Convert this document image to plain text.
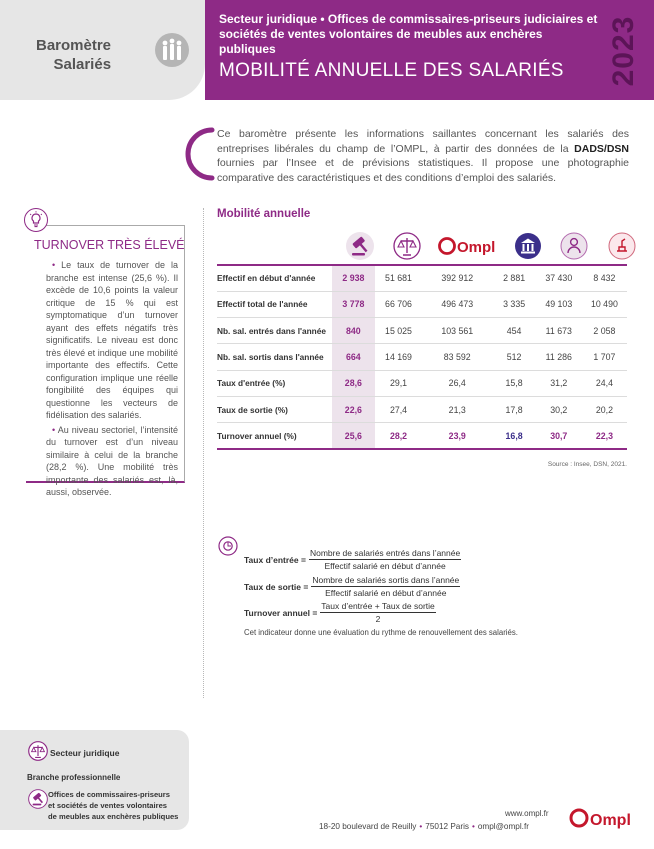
Baromètre
Salariés
Secteur juridique • Offices de commissaires-priseurs judiciaires et sociétés de ventes volontaires de meubles aux enchères publiques
MOBILITÉ ANNUELLE DES SALARIÉS 2023
Ce baromètre présente les informations saillantes concernant les salariés des entreprises libérales du champ de l’OMPL, à partir des données de la DADS/DSN fournies par l’Insee et de prévisions statistiques. Il propose une photographie comparative des caractéristiques et des conditions d’emploi des salariés.
TURNOVER TRÈS ÉLEVÉ

• Le taux de turnover de la branche est intense (25,6 %). Il excède de 10,6 points la valeur critique de 15 % qui est symptomatique d’un turnover ayant des effets négatifs très significatifs. Le niveau est donc très élevé et indique une mobilité importante des effectifs. Cette configuration implique une réelle fongibilité des équipes qui questionne les vecteurs de fidélisation des salariés.

• Au niveau sectoriel, l’intensité du turnover est d’un niveau similaire à celui de la branche (28,2 %). Une mobilité très importante des salariés est, là, aussi, observée.

Mobilité annuelle
Ompl
Effectif en début d'année	2 938	51 681	392 912	2 881	37 430	8 432
Effectif total de l'année	3 778	66 706	496 473	3 335	49 103	10 490
Nb. sal. entrés dans l'année	840	15 025	103 561	454	11 673	2 058
Nb. sal. sortis dans l'année	664	14 169	83 592	512	11 286	1 707
Taux d'entrée (%)	28,6	29,1	26,4	15,8	31,2	24,4
Taux de sortie (%)	22,6	27,4	21,3	17,8	30,2	20,2
Turnover annuel (%)	25,6	28,2	23,9	16,8	30,7	22,3
Source : Insee, DSN, 2021.
Taux d’entrée = $\frac{\text{Nombre de salariés entrés dans l’année}}{\text{Effectif salarié en début d’année}}$
Taux de sortie = $\frac{\text{Nombre de salariés sortis dans l’année}}{\text{Effectif salarié en début d’année}}$
Turnover annuel = $\frac{\text{Taux d’entrée + Taux de sortie}}{2}$
Cet indicateur donne une évaluation du rythme de renouvellement des salariés.
Secteur juridique
Branche professionnelle
Offices de commissaires-priseurs
et sociétés de ventes volontaires
de meubles aux enchères publiques	www.ompl.fr
18-20 boulevard de Reuilly • 75012 Paris • ompl@ompl.fr	Ompl
